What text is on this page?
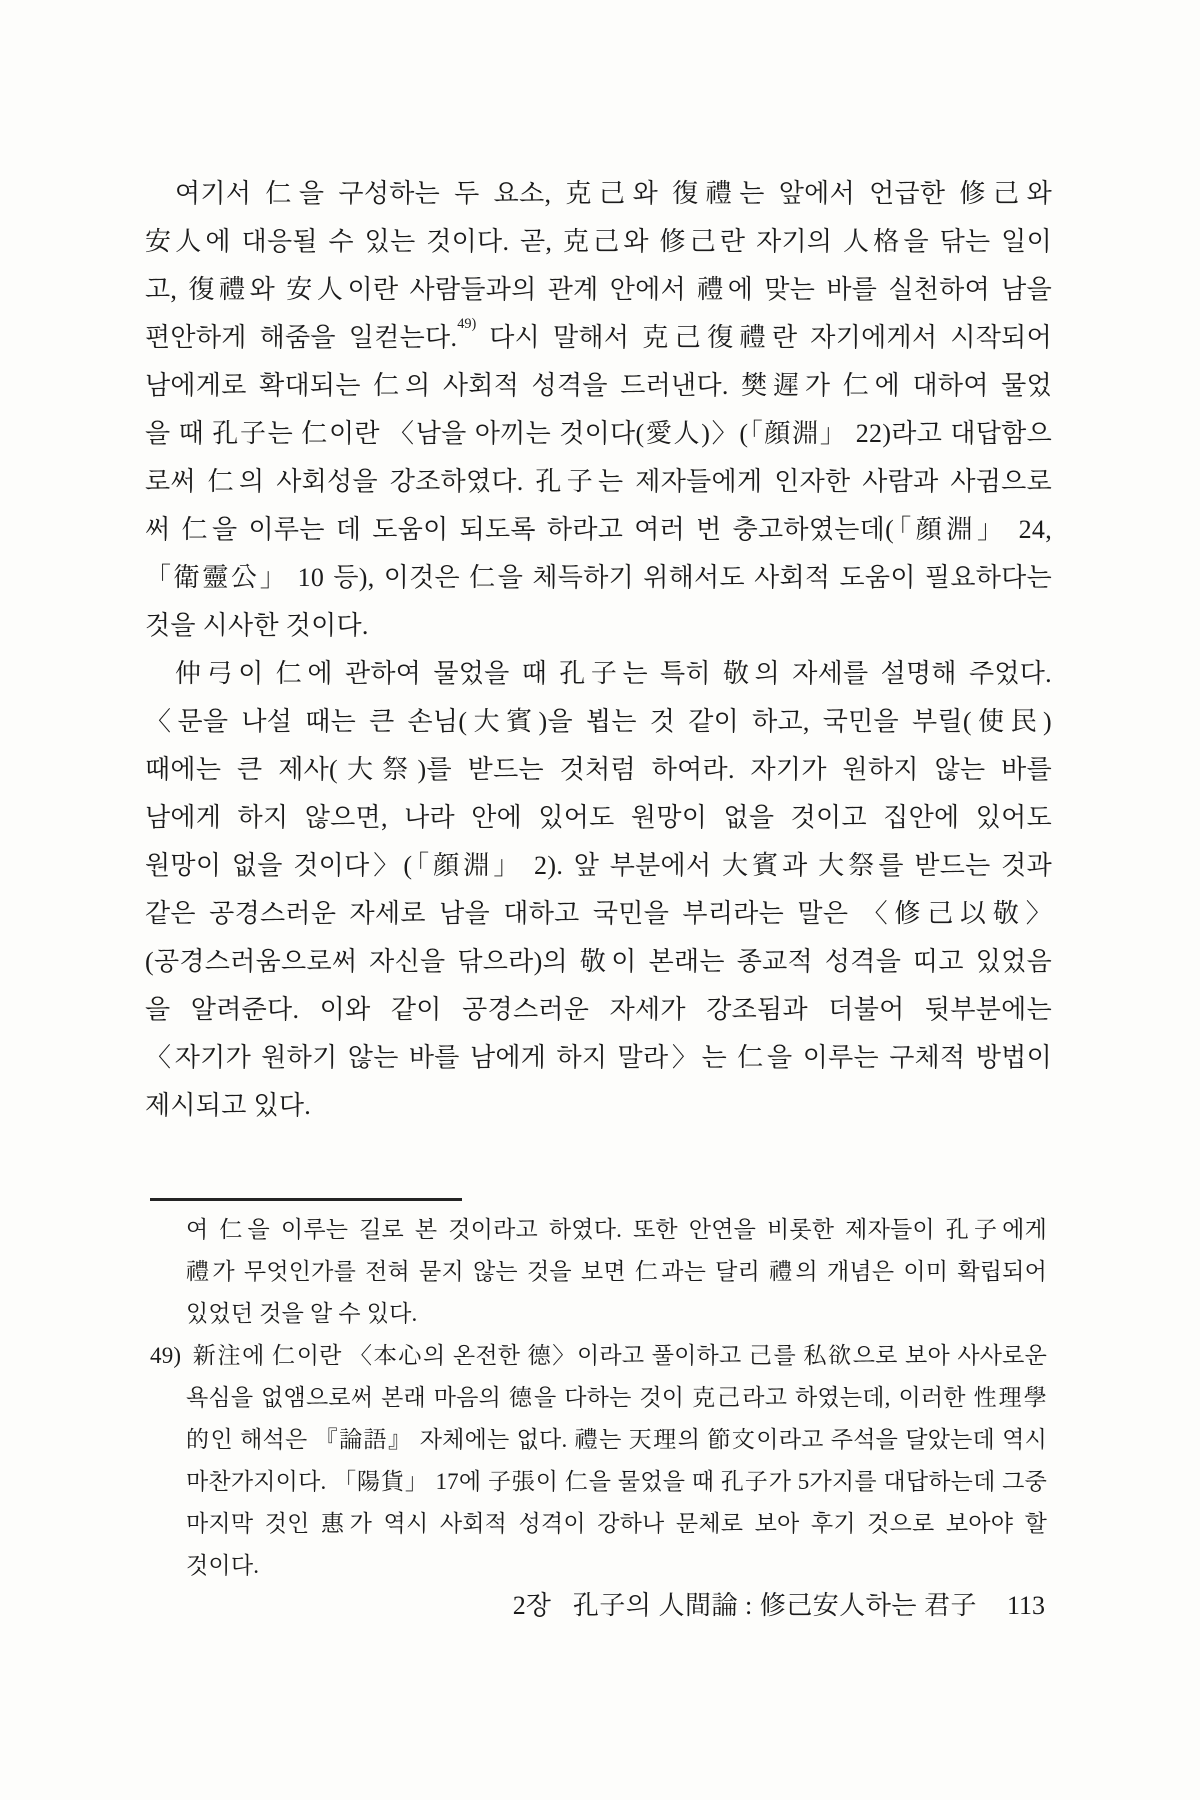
여기서 仁을 구성하는 두 요소, 克己와 復禮는 앞에서 언급한 修己와
安人에 대응될 수 있는 것이다. 곧, 克己와 修己란 자기의 人格을 닦는 일이
고, 復禮와 安人이란 사람들과의 관계 안에서 禮에 맞는 바를 실천하여 남을
편안하게 해줌을 일컫는다.$^{49)}$ 다시 말해서 克己復禮란 자기에게서 시작되어
남에게로 확대되는 仁의 사회적 성격을 드러낸다. 樊遲가 仁에 대하여 물었
을 때 孔子는 仁이란 〈남을 아끼는 것이다(愛人)〉(「顔淵」 22)라고 대답함으
로써 仁의 사회성을 강조하였다. 孔子는 제자들에게 인자한 사람과 사귐으로
써 仁을 이루는 데 도움이 되도록 하라고 여러 번 충고하였는데(「顔淵」 24,
「衛靈公」 10 등), 이것은 仁을 체득하기 위해서도 사회적 도움이 필요하다는
것을 시사한 것이다.
仲弓이 仁에 관하여 물었을 때 孔子는 특히 敬의 자세를 설명해 주었다.
〈문을 나설 때는 큰 손님(大賓)을 뵙는 것 같이 하고, 국민을 부릴(使民)
때에는 큰 제사(大祭)를 받드는 것처럼 하여라. 자기가 원하지 않는 바를
남에게 하지 않으면, 나라 안에 있어도 원망이 없을 것이고 집안에 있어도
원망이 없을 것이다〉(「顔淵」 2). 앞 부분에서 大賓과 大祭를 받드는 것과
같은 공경스러운 자세로 남을 대하고 국민을 부리라는 말은 〈修己以敬〉
(공경스러움으로써 자신을 닦으라)의 敬이 본래는 종교적 성격을 띠고 있었음
을 알려준다. 이와 같이 공경스러운 자세가 강조됨과 더불어 뒷부분에는
〈자기가 원하기 않는 바를 남에게 하지 말라〉는 仁을 이루는 구체적 방법이
제시되고 있다.
여 仁을 이루는 길로 본 것이라고 하였다. 또한 안연을 비롯한 제자들이 孔子에게
禮가 무엇인가를 전혀 묻지 않는 것을 보면 仁과는 달리 禮의 개념은 이미 확립되어
있었던 것을 알 수 있다.
49) 新注에 仁이란 〈本心의 온전한 德〉이라고 풀이하고 己를 私欲으로 보아 사사로운
욕심을 없앰으로써 본래 마음의 德을 다하는 것이 克己라고 하였는데, 이러한 性理學
的인 해석은 『論語』 자체에는 없다. 禮는 天理의 節文이라고 주석을 달았는데 역시
마찬가지이다. 「陽貨」 17에 子張이 仁을 물었을 때 孔子가 5가지를 대답하는데 그중
마지막 것인 惠가 역시 사회적 성격이 강하나 문체로 보아 후기 것으로 보아야 할
것이다.
2장 孔子의 人間論 : 修己安人하는 君子 113
